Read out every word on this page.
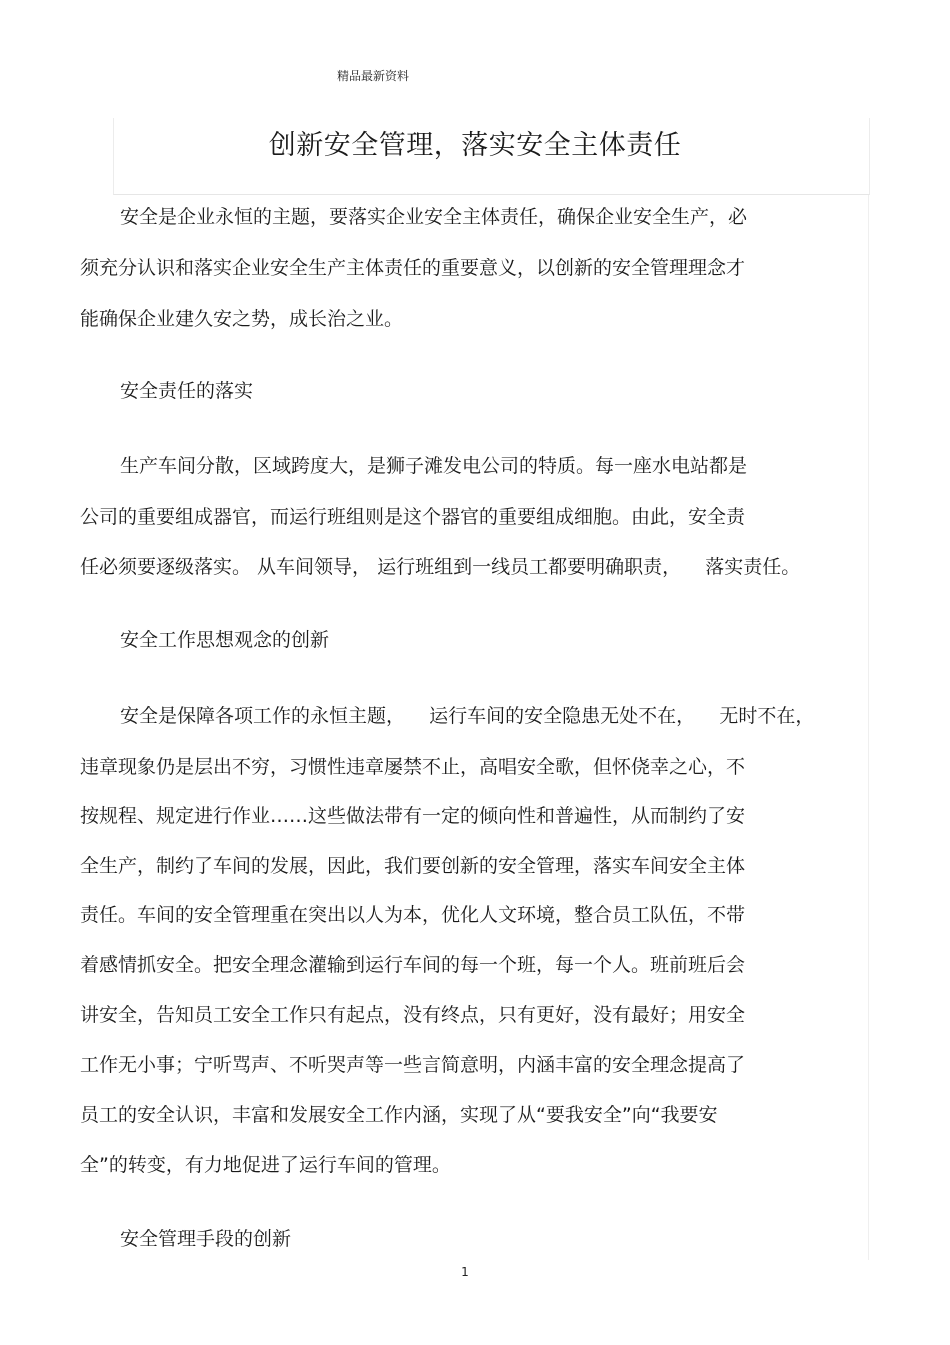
精品最新资料
创新安全管理，落实安全主体责任
安全是企业永恒的主题，要落实企业安全主体责任，确保企业安全生产，必
须充分认识和落实企业安全生产主体责任的重要意义，以创新的安全管理理念才
能确保企业建久安之势，成长治之业。
安全责任的落实
生产车间分散，区域跨度大，是狮子滩发电公司的特质。每一座水电站都是
公司的重要组成器官，而运行班组则是这个器官的重要组成细胞。由此，安全责
任必须要逐级落实。 从车间领导， 运行班组到一线员工都要明确职责，    落实责任。
安全工作思想观念的创新
安全是保障各项工作的永恒主题，    运行车间的安全隐患无处不在，    无时不在，
违章现象仍是层出不穷，习惯性违章屡禁不止，高唱安全歌，但怀侥幸之心，不
按规程、规定进行作业……这些做法带有一定的倾向性和普遍性，从而制约了安
全生产，制约了车间的发展，因此，我们要创新的安全管理，落实车间安全主体
责任。车间的安全管理重在突出以人为本，优化人文环境，整合员工队伍，不带
着感情抓安全。把安全理念灌输到运行车间的每一个班，每一个人。班前班后会
讲安全，告知员工安全工作只有起点，没有终点，只有更好，没有最好；用安全
工作无小事；宁听骂声、不听哭声等一些言简意明，内涵丰富的安全理念提高了
员工的安全认识，丰富和发展安全工作内涵，实现了从“要我安全”向“我要安
全”的转变，有力地促进了运行车间的管理。
安全管理手段的创新
1
